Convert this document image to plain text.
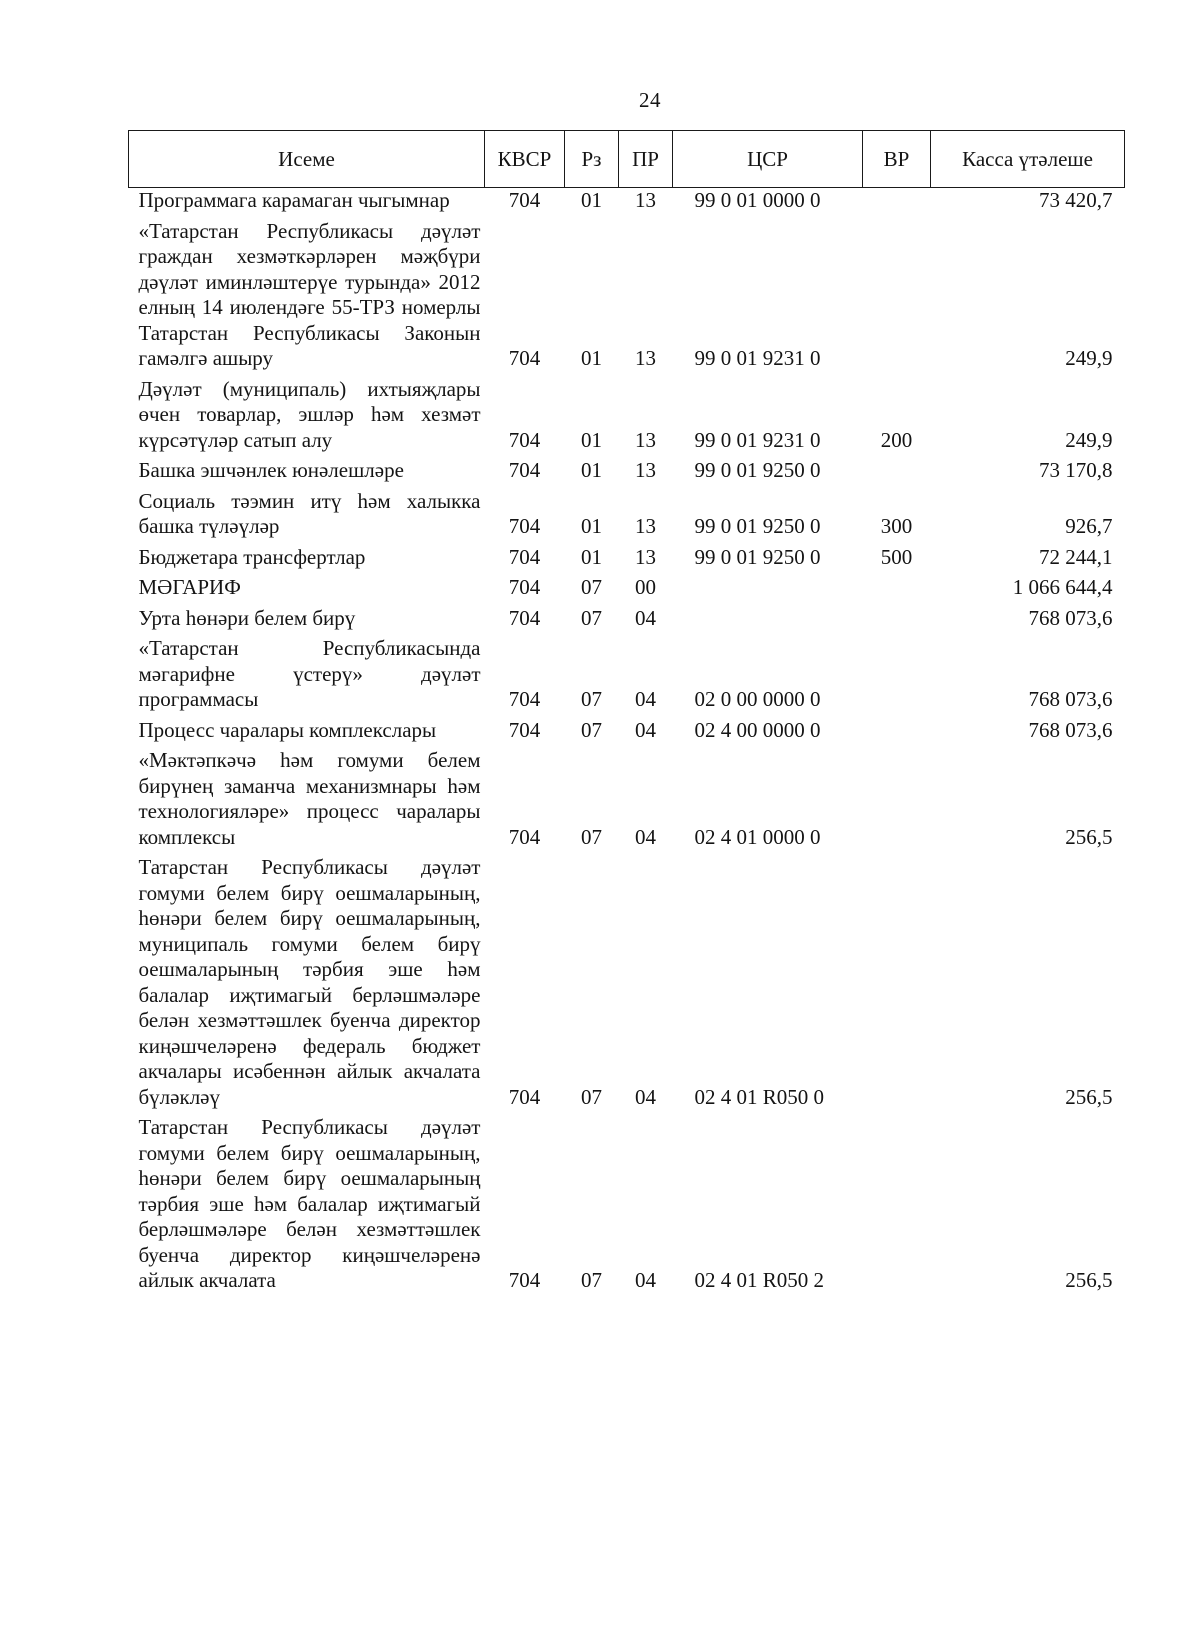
24
Исеме	КВСР	Рз	ПР	ЦСР	ВР	Касса үтәлеше
Программага карамаган чыгымнар	704	01	13	99 0 01 0000 0		73 420,7
«Татарстан Республикасы дәүләт граждан хезмәткәрләрен мәҗбүри дәүләт иминләштерүе турында» 2012 елның 14 июлендәге 55-ТРЗ номерлы Татарстан Республикасы Законын гамәлгә ашыру	704	01	13	99 0 01 9231 0		249,9
Дәүләт (муниципаль) ихтыяҗлары өчен товарлар, эшләр һәм хезмәт күрсәтүләр сатып алу	704	01	13	99 0 01 9231 0	200	249,9
Башка эшчәнлек юнәлешләре	704	01	13	99 0 01 9250 0		73 170,8
Социаль тәэмин итү һәм халыкка башка түләүләр	704	01	13	99 0 01 9250 0	300	926,7
Бюджетара трансфертлар	704	01	13	99 0 01 9250 0	500	72 244,1
МӘГАРИФ	704	07	00			1 066 644,4
Урта һөнәри белем бирү	704	07	04			768 073,6
«Татарстан Республикасында мәгарифне үстерү» дәүләт программасы	704	07	04	02 0 00 0000 0		768 073,6
Процесс чаралары комплекслары	704	07	04	02 4 00 0000 0		768 073,6
«Мәктәпкәчә һәм гомуми белем бирүнең заманча механизмнары һәм технологияләре» процесс чаралары комплексы	704	07	04	02 4 01 0000 0		256,5
Татарстан Республикасы дәүләт гомуми белем бирү оешмаларының, һөнәри белем бирү оешмаларының, муниципаль гомуми белем бирү оешмаларының тәрбия эше һәм балалар иҗтимагый берләшмәләре белән хезмәттәшлек буенча директор киңәшчеләренә федераль бюджет акчалары исәбеннән айлык акчалата бүләкләү	704	07	04	02 4 01 R050 0		256,5
Татарстан Республикасы дәүләт гомуми белем бирү оешмаларының, һөнәри белем бирү оешмаларының тәрбия эше һәм балалар иҗтимагый берләшмәләре белән хезмәттәшлек буенча директор киңәшчеләренә айлык акчалата	704	07	04	02 4 01 R050 2		256,5
